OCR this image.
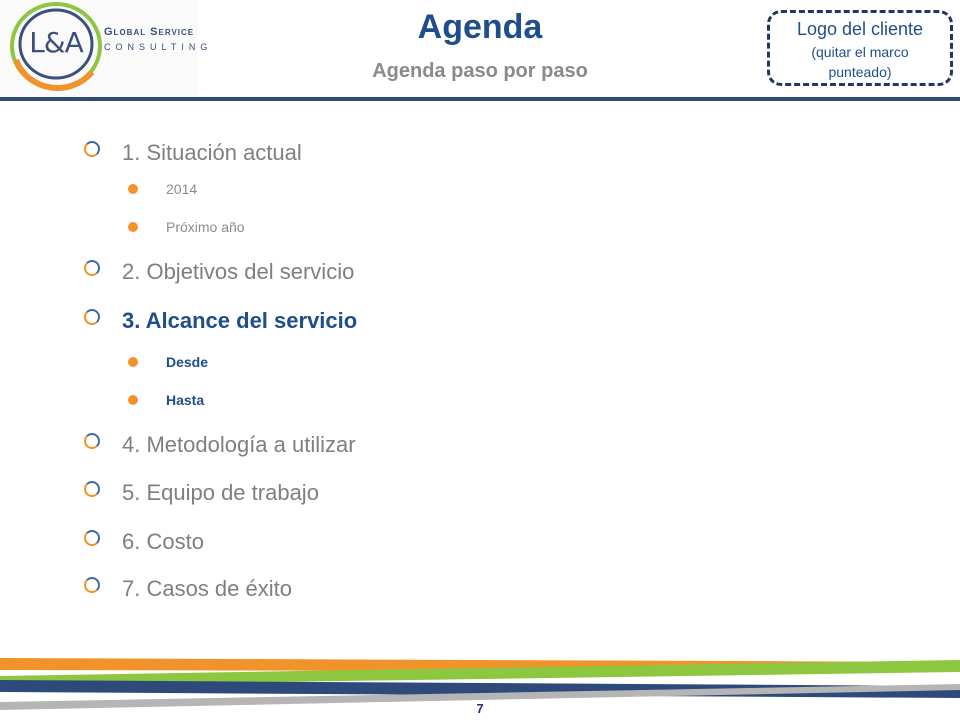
L&A	Global Service
CONSULTING
Agenda
Agenda paso por paso
Logo del cliente
(quitar el marco punteado)
1. Situación actual
2014
Próximo año
2. Objetivos del servicio
3. Alcance del servicio
Desde
Hasta
4. Metodología a utilizar
5. Equipo de trabajo
6. Costo
7. Casos de éxito
7
